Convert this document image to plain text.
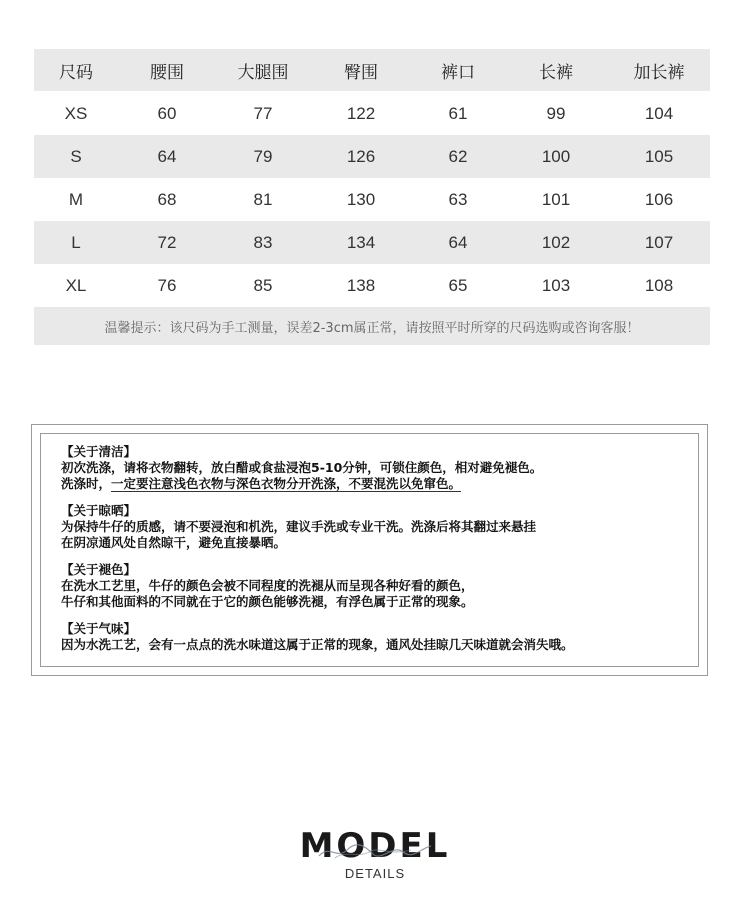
尺码	腰围	大腿围	臀围	裤口	长裤	加长裤
XS	60	77	122	61	99	104
S	64	79	126	62	100	105
M	68	81	130	63	101	106
L	72	83	134	64	102	107
XL	76	85	138	65	103	108
温馨提示：该尺码为手工测量，误差2-3cm属正常，请按照平时所穿的尺码选购或咨询客服！
【关于清洁】
初次洗涤，请将衣物翻转，放白醋或食盐浸泡5-10分钟，可锁住颜色，相对避免褪色。
洗涤时，一定要注意浅色衣物与深色衣物分开洗涤，不要混洗以免窜色。
【关于晾晒】
为保持牛仔的质感，请不要浸泡和机洗，建议手洗或专业干洗。洗涤后将其翻过来悬挂
在阴凉通风处自然晾干，避免直接暴晒。
【关于褪色】
在洗水工艺里，牛仔的颜色会被不同程度的洗褪从而呈现各种好看的颜色，
牛仔和其他面料的不同就在于它的颜色能够洗褪，有浮色属于正常的现象。
【关于气味】
因为水洗工艺，会有一点点的洗水味道这属于正常的现象，通风处挂晾几天味道就会消失哦。
MODEL
DETAILS
